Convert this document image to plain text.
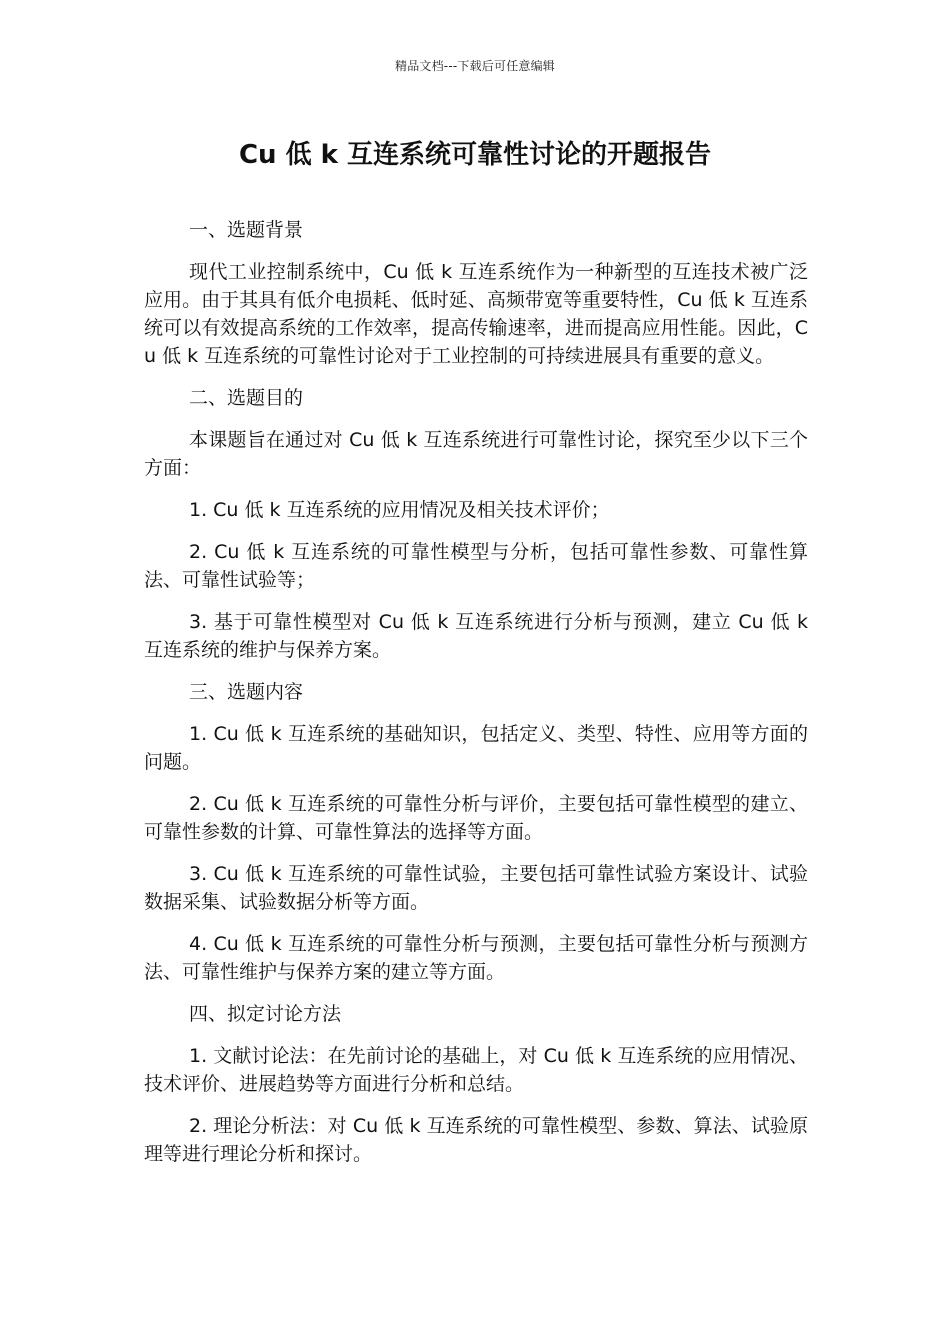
精品文档---下载后可任意编辑
Cu 低 k 互连系统可靠性讨论的开题报告

一、选题背景

现代工业控制系统中，Cu 低 k 互连系统作为一种新型的互连技术被广泛应用。由于其具有低介电损耗、低时延、高频带宽等重要特性，Cu 低 k 互连系统可以有效提高系统的工作效率，提高传输速率，进而提高应用性能。因此，Cu 低 k 互连系统的可靠性讨论对于工业控制的可持续进展具有重要的意义。

二、选题目的

本课题旨在通过对 Cu 低 k 互连系统进行可靠性讨论，探究至少以下三个方面：

1. Cu 低 k 互连系统的应用情况及相关技术评价；

2. Cu 低 k 互连系统的可靠性模型与分析，包括可靠性参数、可靠性算法、可靠性试验等；

3. 基于可靠性模型对 Cu 低 k 互连系统进行分析与预测，建立 Cu 低 k 互连系统的维护与保养方案。

三、选题内容

1. Cu 低 k 互连系统的基础知识，包括定义、类型、特性、应用等方面的问题。

2. Cu 低 k 互连系统的可靠性分析与评价，主要包括可靠性模型的建立、可靠性参数的计算、可靠性算法的选择等方面。

3. Cu 低 k 互连系统的可靠性试验，主要包括可靠性试验方案设计、试验数据采集、试验数据分析等方面。

4. Cu 低 k 互连系统的可靠性分析与预测，主要包括可靠性分析与预测方法、可靠性维护与保养方案的建立等方面。

四、拟定讨论方法

1. 文献讨论法：在先前讨论的基础上，对 Cu 低 k 互连系统的应用情况、技术评价、进展趋势等方面进行分析和总结。

2. 理论分析法：对 Cu 低 k 互连系统的可靠性模型、参数、算法、试验原理等进行理论分析和探讨。
